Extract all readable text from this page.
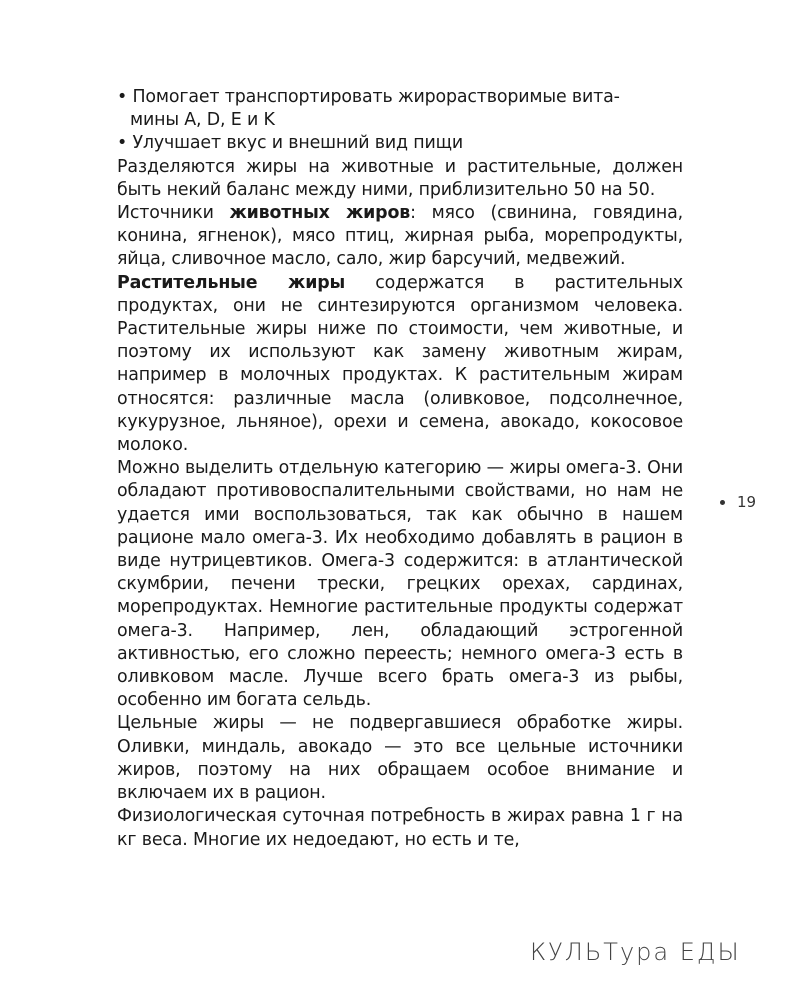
• Помогает транспортировать жирорастворимые вита-
мины A, D, E и K

• Улучшает вкус и внешний вид пищи

Разделяются жиры на животные и растительные, должен быть некий баланс между ними, приблизительно 50 на 50.

Источники животных жиров: мясо (свинина, говядина, конина, ягненок), мясо птиц, жирная рыба, морепродукты, яйца, сливочное масло, сало, жир барсучий, медвежий.

Растительные жиры содержатся в растительных продуктах, они не синтезируются организмом человека. Растительные жиры ниже по стоимости, чем животные, и поэтому их используют как замену животным жирам, например в молочных продуктах. К растительным жирам относятся: различные масла (оливковое, подсолнечное, кукурузное, льняное), орехи и семена, авокадо, кокосовое молоко.

Можно выделить отдельную категорию — жиры омега-3. Они обладают противовоспалительными свойствами, но нам не удается ими воспользоваться, так как обычно в нашем рационе мало омега-3. Их необходимо добавлять в рацион в виде нутрицевтиков. Омега-3 содержится: в атлантической скумбрии, печени трески, грецких орехах, сардинах, морепродуктах. Немногие растительные продукты содержат омега-3. Например, лен, обладающий эстрогенной активностью, его сложно переесть; немного омега-3 есть в оливковом масле. Лучше всего брать омега-3 из рыбы, особенно им богата сельдь.

Цельные жиры — не подвергавшиеся обработке жиры. Оливки, миндаль, авокадо — это все цельные источники жиров, поэтому на них обращаем особое внимание и включаем их в рацион.

Физиологическая суточная потребность в жирах равна 1 г на кг веса. Многие их недоедают, но есть и те,

19
КУЛЬТура ЕДЫ
